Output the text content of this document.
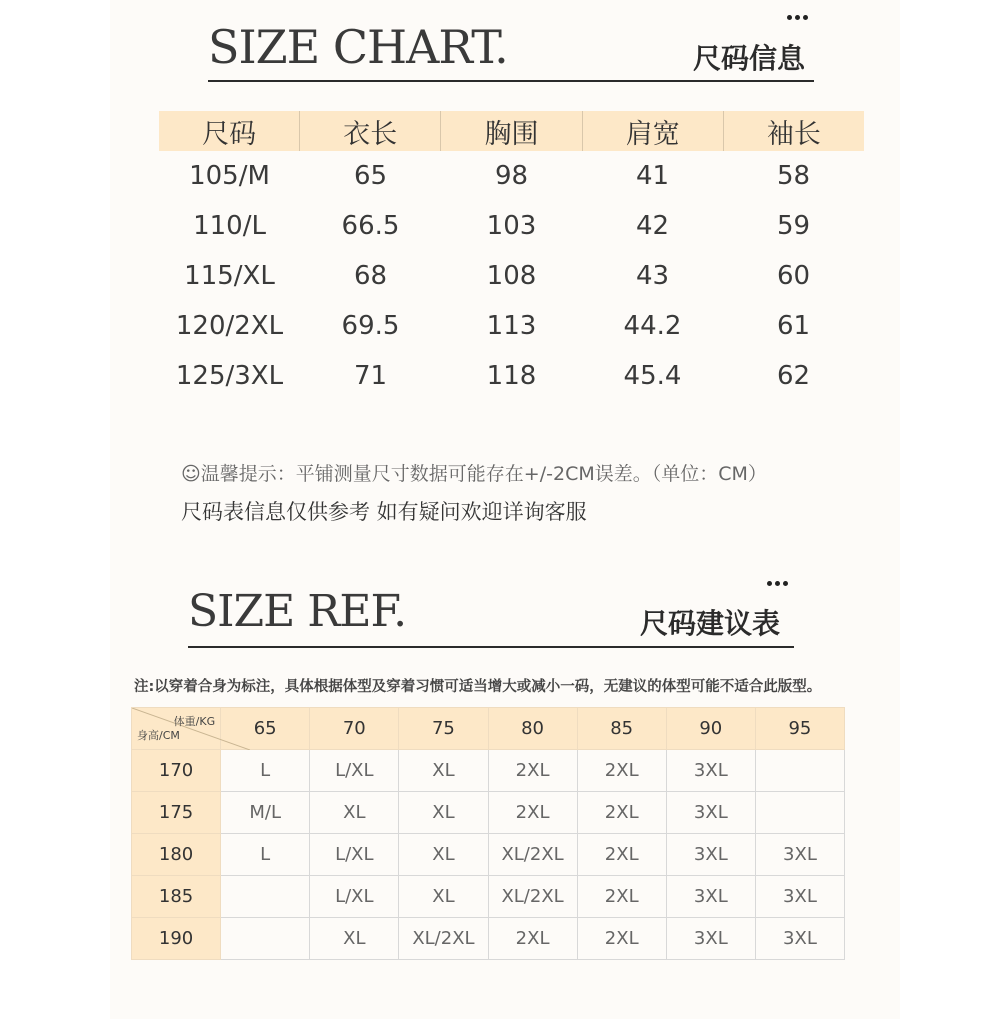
SIZE CHART.	尺码信息
尺码	衣长	胸围	肩宽	袖长
105/M	65	98	41	58
110/L	66.5	103	42	59
115/XL	68	108	43	60
120/2XL	69.5	113	44.2	61
125/3XL	71	118	45.4	62
☺温馨提示：平铺测量尺寸数据可能存在+/-2CM误差。（单位：CM）
尺码表信息仅供参考 如有疑问欢迎详询客服
SIZE REF.	尺码建议表
注:以穿着合身为标注，具体根据体型及穿着习惯可适当增大或减小一码，无建议的体型可能不适合此版型。
体重/KG
身高/CM	65	70	75	80	85	90	95
170	L	L/XL	XL	2XL	2XL	3XL	
175	M/L	XL	XL	2XL	2XL	3XL	
180	L	L/XL	XL	XL/2XL	2XL	3XL	3XL
185		L/XL	XL	XL/2XL	2XL	3XL	3XL
190		XL	XL/2XL	2XL	2XL	3XL	3XL
